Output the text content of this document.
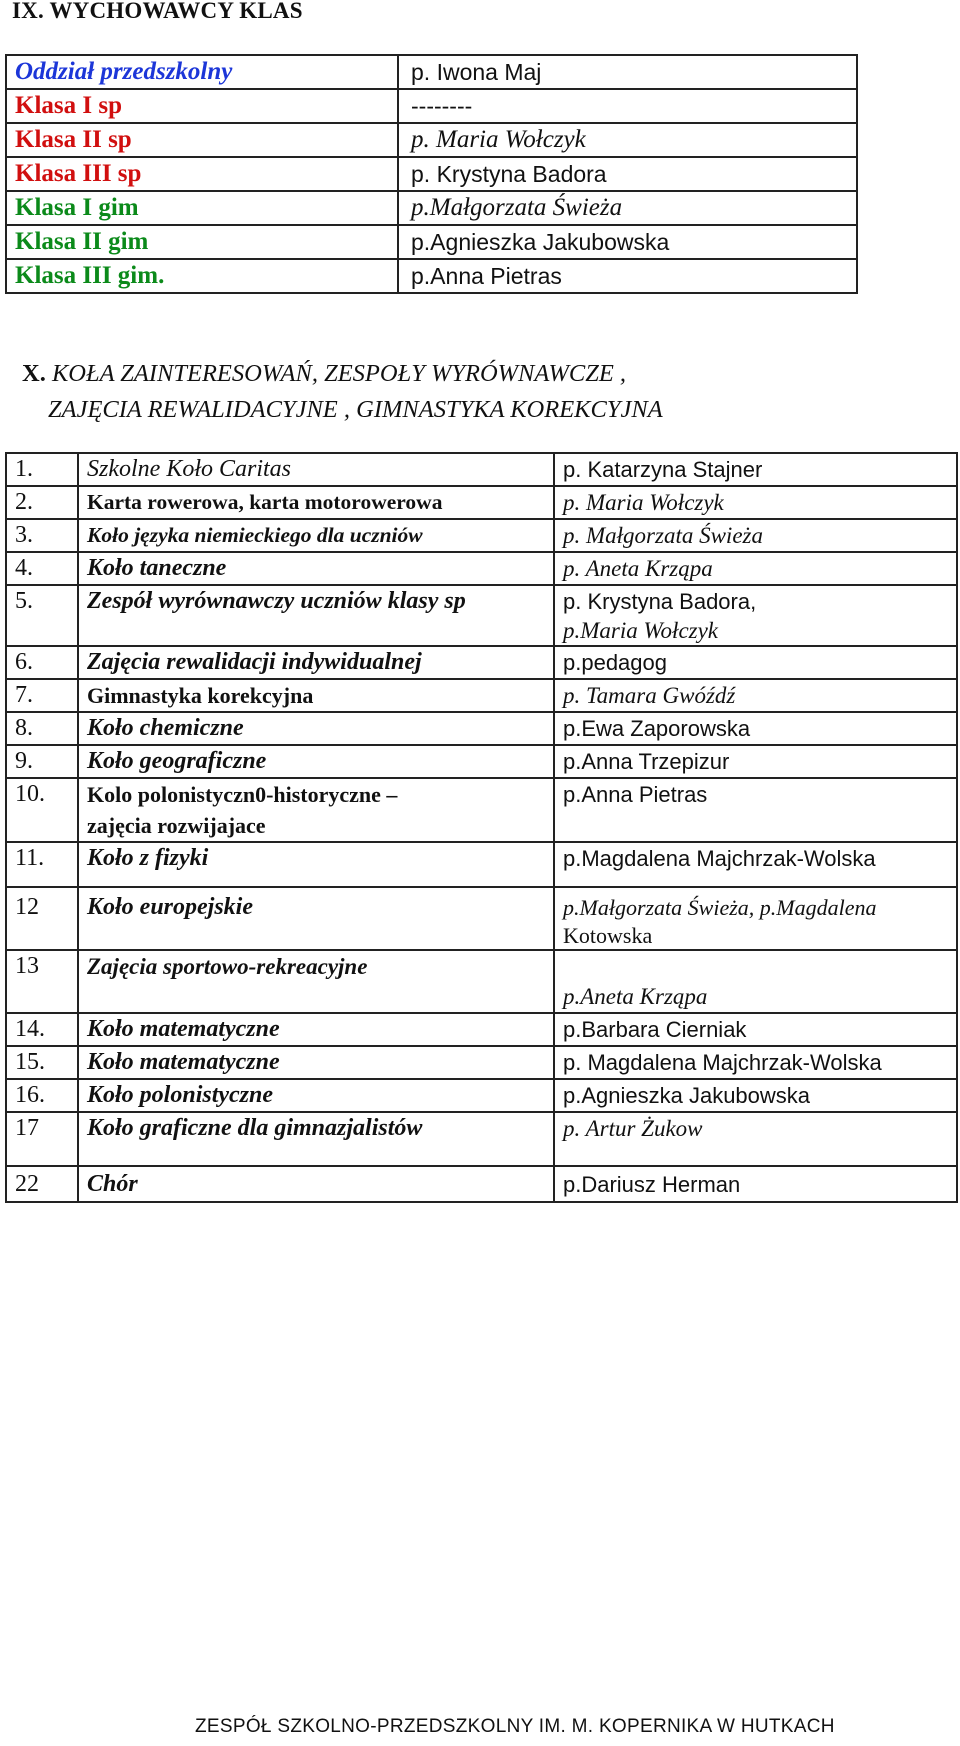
IX. WYCHOWAWCY KLAS
Oddział przedszkolny	p. Iwona Maj
Klasa I sp	--------
Klasa II sp	p. Maria Wołczyk
Klasa III sp	p. Krystyna Badora
Klasa I gim	p.Małgorzata Świeża
Klasa II gim	p.Agnieszka Jakubowska
Klasa III gim.	p.Anna Pietras
X. KOŁA ZAINTERESOWAŃ, ZESPOŁY WYRÓWNAWCZE ,
ZAJĘCIA REWALIDACYJNE , GIMNASTYKA KOREKCYJNA
1.	Szkolne Koło Caritas	p. Katarzyna Stajner
2.	Karta rowerowa, karta motorowerowa	p. Maria Wołczyk
3.	Koło języka niemieckiego dla uczniów	p. Małgorzata Świeża
4.	Koło taneczne	p. Aneta Krząpa
5.	Zespół wyrównawczy uczniów klasy sp	p. Krystyna Badora,
p.Maria Wołczyk

6.	Zajęcia rewalidacji indywidualnej	p.pedagog
7.	Gimnastyka korekcyjna	p. Tamara Gwóźdź
8.	Koło chemiczne	p.Ewa Zaporowska
9.	Koło geograficzne	p.Anna Trzepizur
10.	Kolo polonistyczn0-historyczne –
zajęcia rozwijajace	p.Anna Pietras
11.	Koło z fizyki	p.Magdalena Majchrzak-Wolska
12	Koło europejskie	p.Małgorzata Świeża, p.Magdalena
Kotowska

13	Zajęcia sportowo-rekreacyjne	p.Aneta Krząpa
14.	Koło matematyczne	p.Barbara Cierniak
15.	Koło matematyczne	p. Magdalena Majchrzak-Wolska
16.	Koło polonistyczne	p.Agnieszka Jakubowska
17	Koło graficzne dla gimnazjalistów	p. Artur Żukow
22	Chór	p.Dariusz Herman
ZESPÓŁ SZKOLNO-PRZEDSZKOLNY IM. M. KOPERNIKA W HUTKACH
